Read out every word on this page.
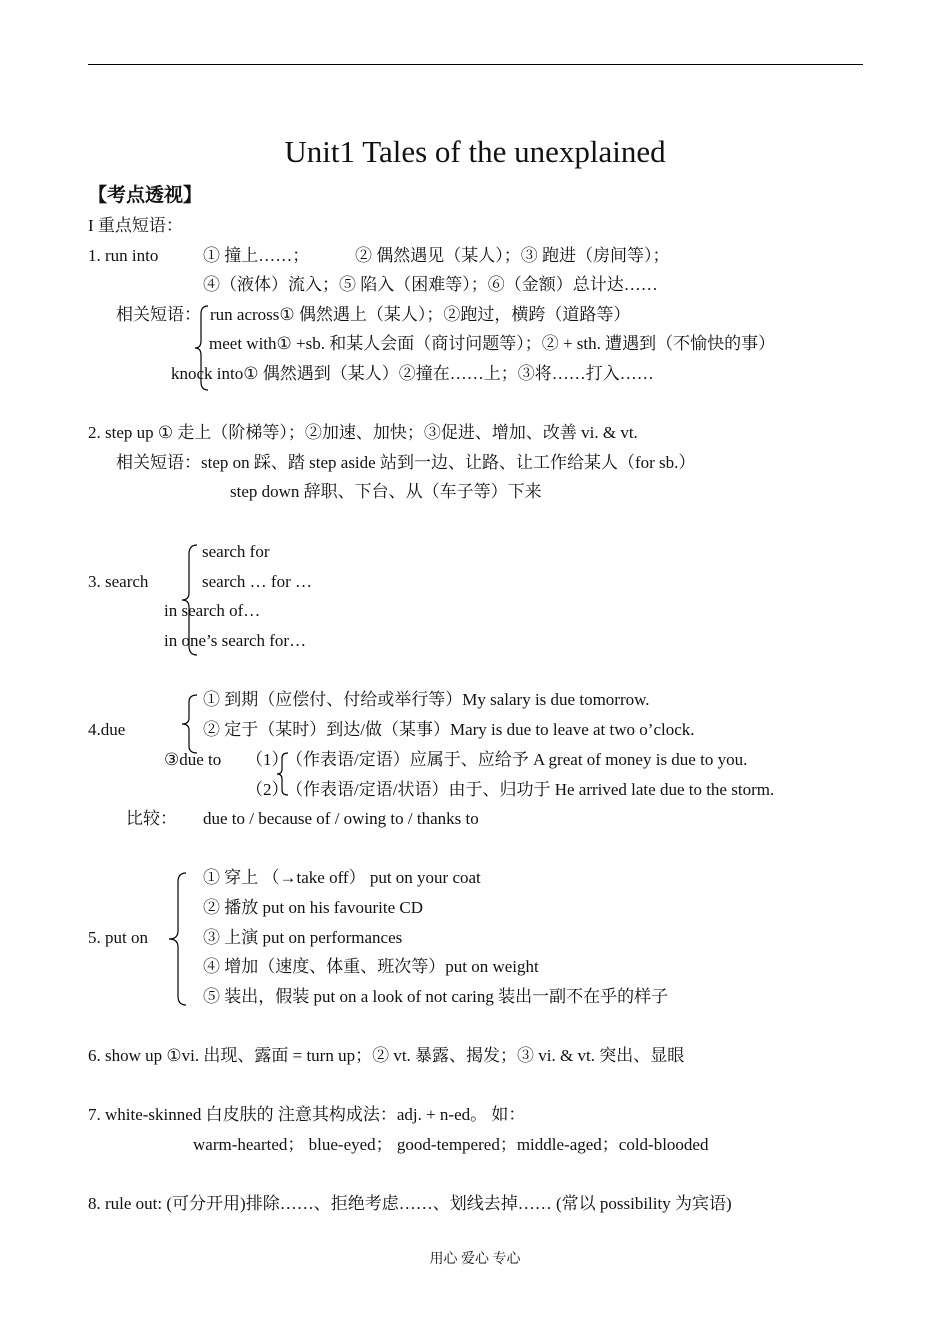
Unit1 Tales of the unexplained
【考点透视】
I 重点短语：
1. run into	① 撞上……；	② 偶然遇见（某人）；③ 跑进（房间等）；
④（液体）流入；⑤ 陷入（困难等）；⑥（金额）总计达……
相关短语： run across① 偶然遇上（某人）；②跑过，横跨（道路等）
meet with① +sb. 和某人会面（商讨问题等）；② + sth. 遭遇到（不愉快的事）
knock into① 偶然遇到（某人）②撞在……上；③将……打入……
2. step up ① 走上（阶梯等）；②加速、加快；③促进、增加、改善 vi. & vt.
相关短语：step on 踩、踏 step aside 站到一边、让路、让工作给某人（for sb.）
step down 辞职、下台、从（车子等）下来
3. search
search for
search … for …
in search of…
in one’s search for…
4.due
① 到期（应偿付、付给或举行等）My salary is due tomorrow.
② 定于（某时）到达/做（某事）Mary is due to leave at two o’clock.
③due to （1）
（作表语/定语）应属于、应给予 A great of money is due to you.
（2）
（作表语/定语/状语）由于、归功于 He arrived late due to the storm.
比较： due to / because of / owing to / thanks to
5. put on
① 穿上 （→take off） put on your coat
② 播放 put on his favourite CD
③ 上演 put on performances
④ 增加（速度、体重、班次等）put on weight
⑤ 装出，假装 put on a look of not caring 装出一副不在乎的样子
6. show up ①vi. 出现、露面 = turn up；② vt. 暴露、揭发；③ vi. & vt. 突出、显眼
7. white-skinned 白皮肤的 注意其构成法：adj. + n-ed。 如：
warm-hearted； blue-eyed； good-tempered；middle-aged；cold-blooded
8. rule out: (可分开用)排除……、拒绝考虑……、划线去掉…… (常以 possibility 为宾语)
用心 爱心 专心
